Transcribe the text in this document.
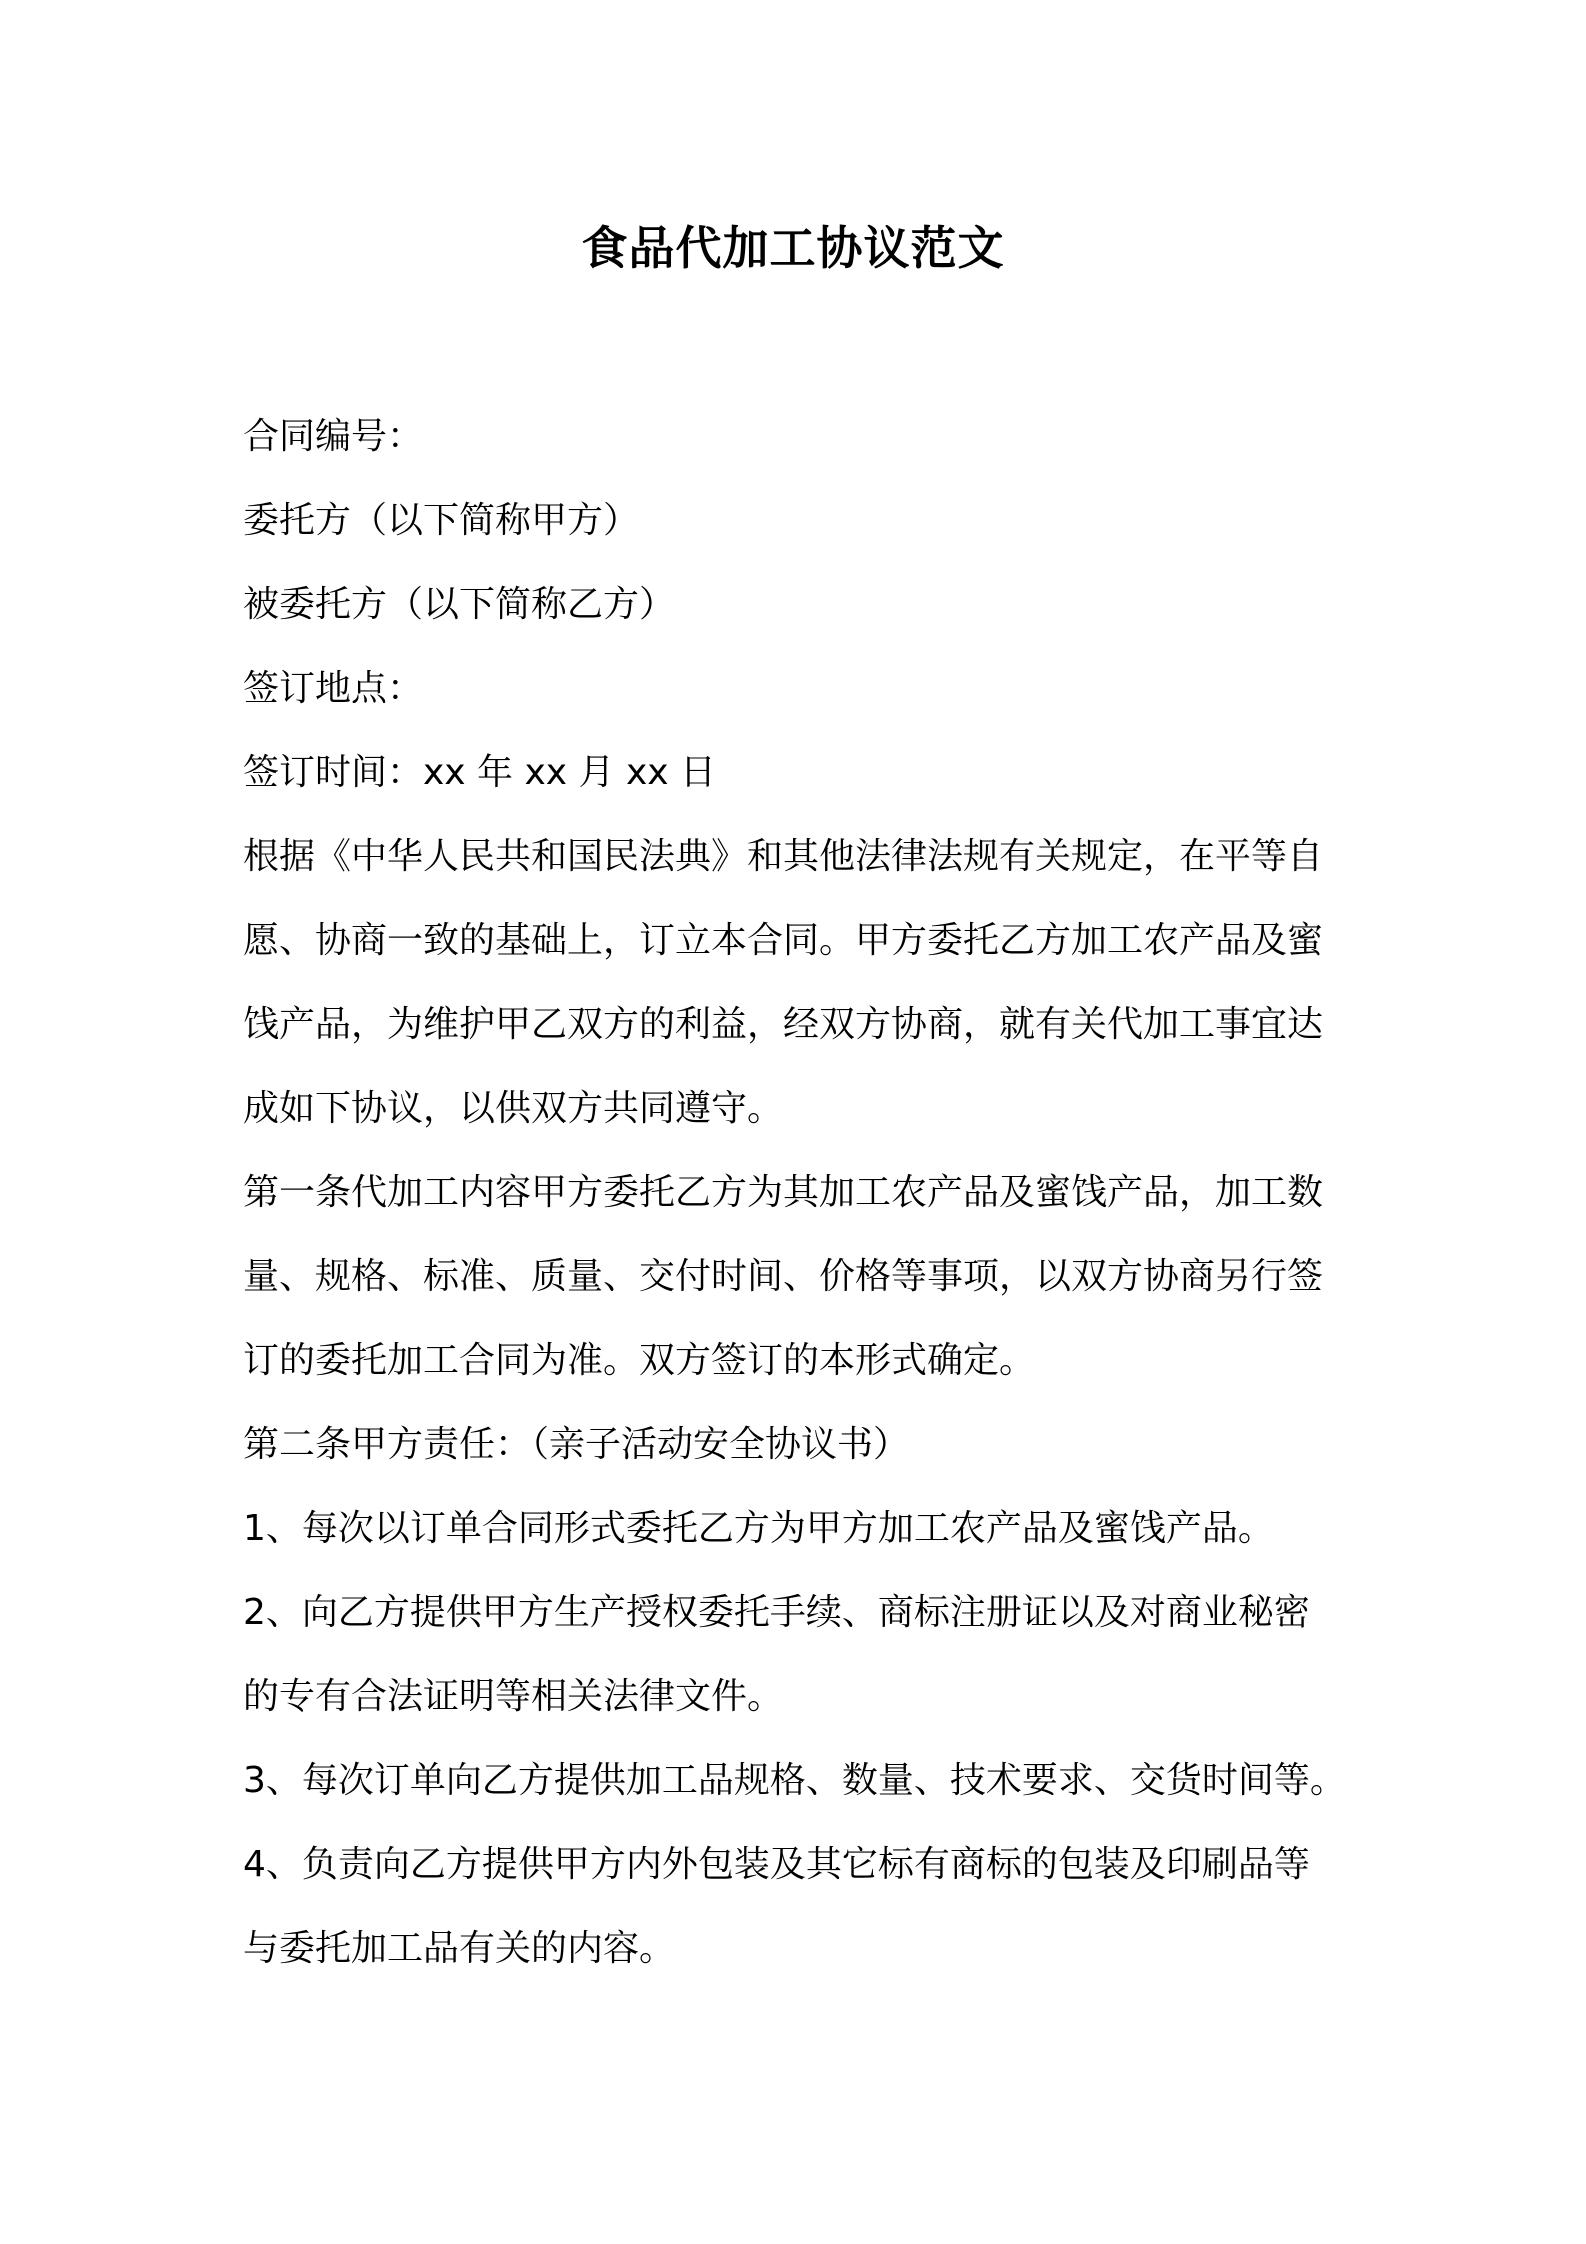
食品代加工协议范文
合同编号：
委托方（以下简称甲方）
被委托方（以下简称乙方）
签订地点：
签订时间：xx 年 xx 月 xx 日
根据《中华人民共和国民法典》和其他法律法规有关规定，在平等自
愿、协商一致的基础上，订立本合同。甲方委托乙方加工农产品及蜜
饯产品，为维护甲乙双方的利益，经双方协商，就有关代加工事宜达
成如下协议，以供双方共同遵守。
第一条代加工内容甲方委托乙方为其加工农产品及蜜饯产品，加工数
量、规格、标准、质量、交付时间、价格等事项，以双方协商另行签
订的委托加工合同为准。双方签订的本形式确定。
第二条甲方责任：（亲子活动安全协议书）
1、每次以订单合同形式委托乙方为甲方加工农产品及蜜饯产品。
2、向乙方提供甲方生产授权委托手续、商标注册证以及对商业秘密
的专有合法证明等相关法律文件。
3、每次订单向乙方提供加工品规格、数量、技术要求、交货时间等。
4、负责向乙方提供甲方内外包装及其它标有商标的包装及印刷品等
与委托加工品有关的内容。
